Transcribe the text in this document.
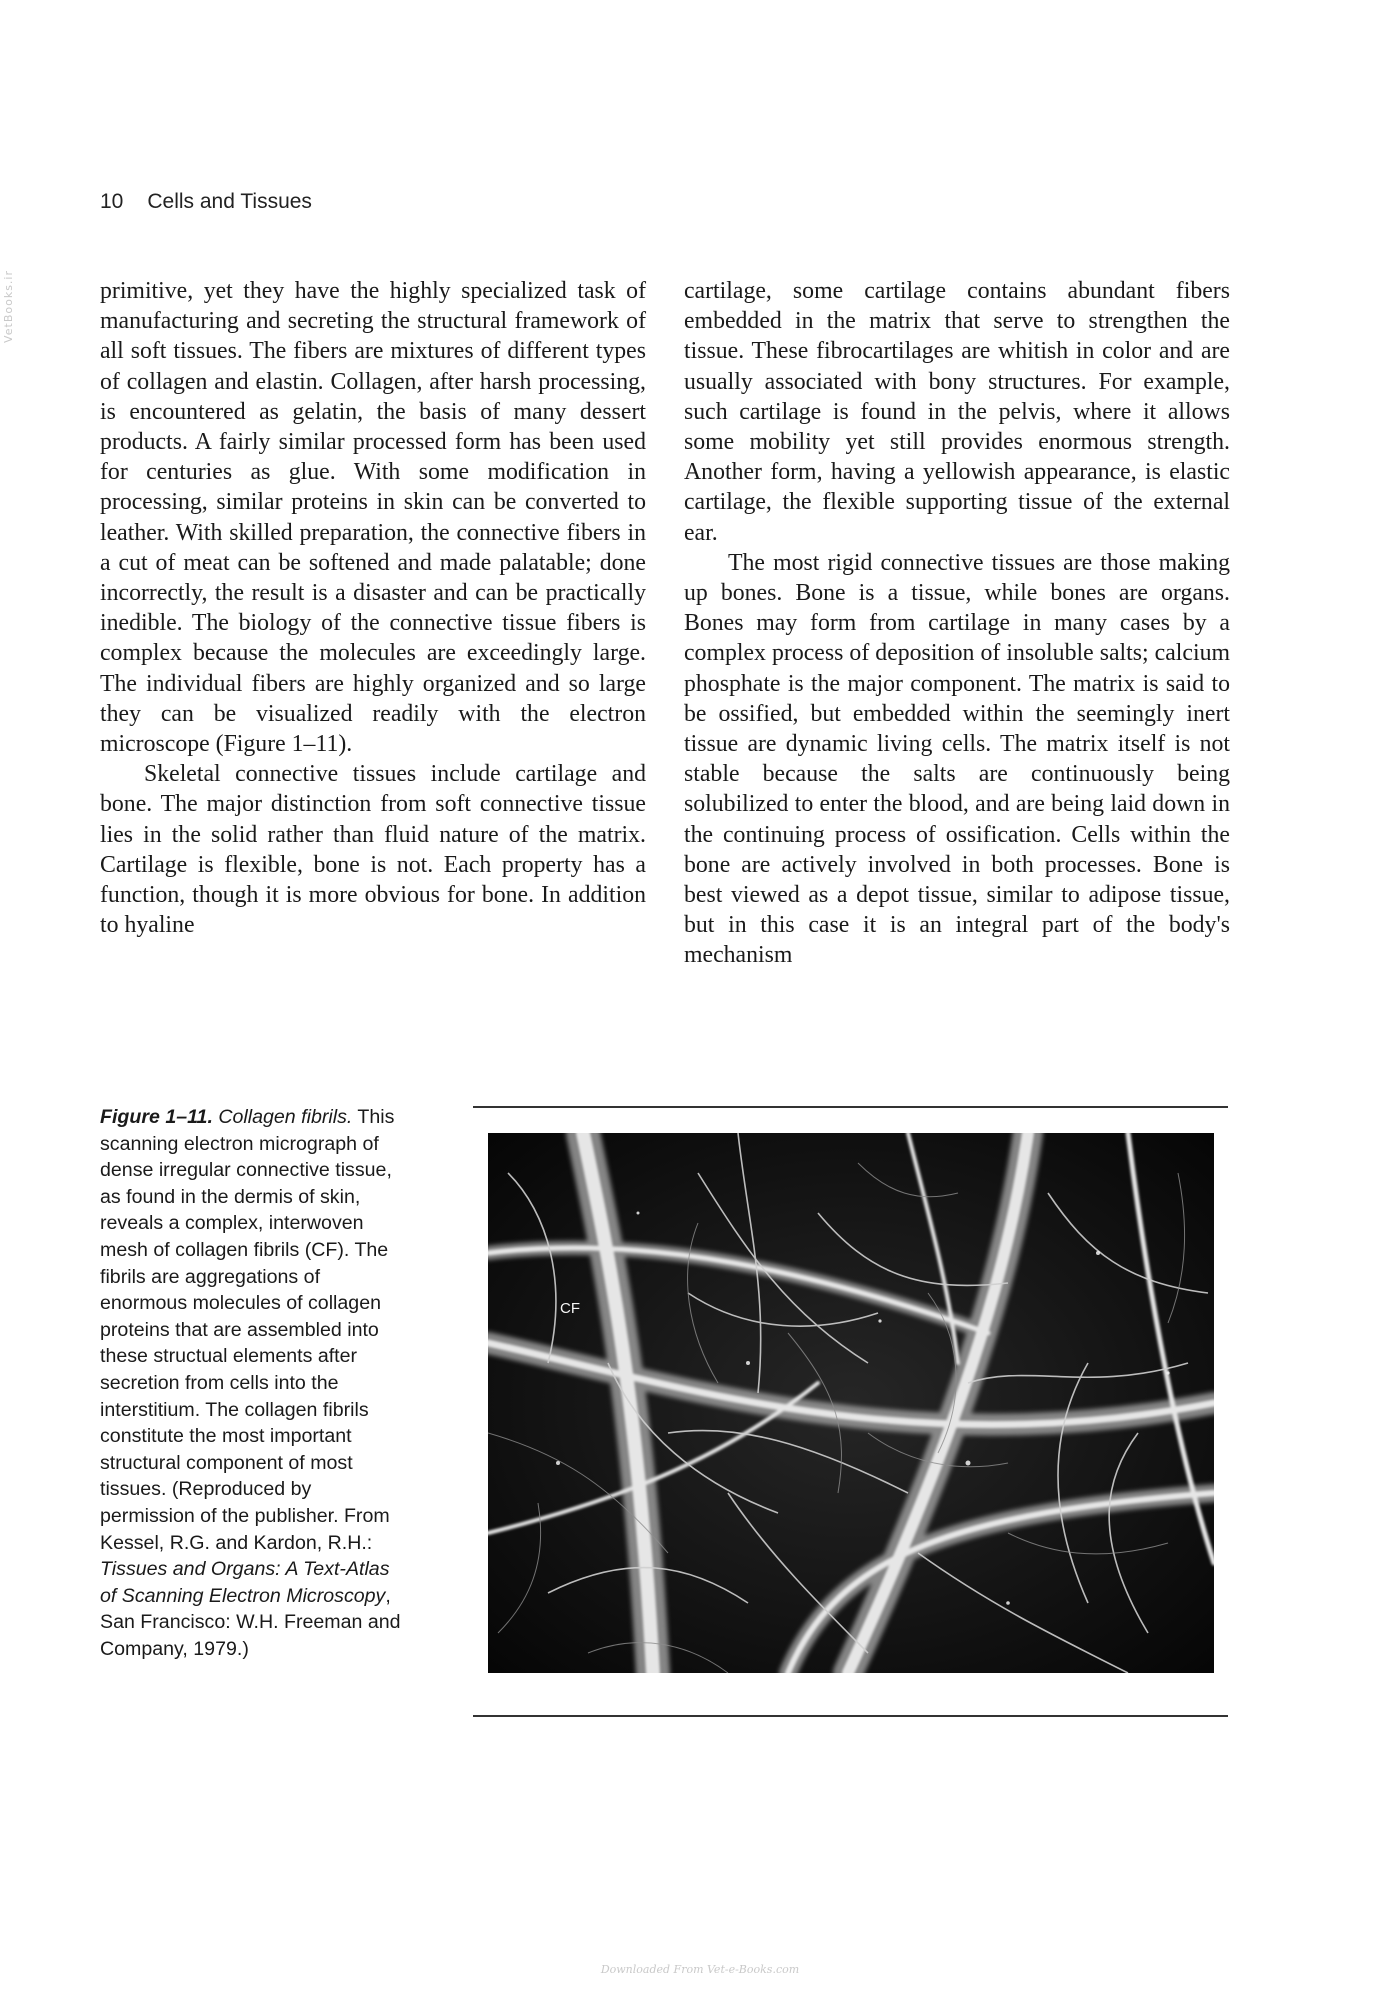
10 Cells and Tissues
VetBooks.ir	primitive, yet they have the highly specialized task of manufacturing and secreting the structural framework of all soft tissues. The fibers are mixtures of different types of collagen and elastin. Collagen, after harsh processing, is encountered as gelatin, the basis of many dessert products. A fairly similar processed form has been used for centuries as glue. With some modification in processing, similar proteins in skin can be converted to leather. With skilled preparation, the connective fibers in a cut of meat can be softened and made palatable; done incorrectly, the result is a disaster and can be practically inedible. The biology of the connective tissue fibers is complex because the molecules are exceedingly large. The individual fibers are highly organized and so large they can be visualized readily with the electron microscope (Figure 1–11).

Skeletal connective tissues include cartilage and bone. The major distinction from soft connective tissue lies in the solid rather than fluid nature of the matrix. Cartilage is flexible, bone is not. Each property has a function, though it is more obvious for bone. In addition to hyaline

cartilage, some cartilage contains abundant fibers embedded in the matrix that serve to strengthen the tissue. These fibrocartilages are whitish in color and are usually associated with bony structures. For example, such cartilage is found in the pelvis, where it allows some mobility yet still provides enormous strength. Another form, having a yellowish appearance, is elastic cartilage, the flexible supporting tissue of the external ear.

The most rigid connective tissues are those making up bones. Bone is a tissue, while bones are organs. Bones may form from cartilage in many cases by a complex process of deposition of insoluble salts; calcium phosphate is the major component. The matrix is said to be ossified, but embedded within the seemingly inert tissue are dynamic living cells. The matrix itself is not stable because the salts are continuously being solubilized to enter the blood, and are being laid down in the continuing process of ossification. Cells within the bone are actively involved in both processes. Bone is best viewed as a depot tissue, similar to adipose tissue, but in this case it is an integral part of the body's mechanism

Figure 1–11. Collagen fibrils. This scanning electron micrograph of dense irregular connective tissue, as found in the dermis of skin, reveals a complex, interwoven mesh of collagen fibrils (CF). The fibrils are aggregations of enormous molecules of collagen proteins that are assembled into these structual elements after secretion from cells into the interstitium. The collagen fibrils constitute the most important structural component of most tissues. (Reproduced by permission of the publisher. From Kessel, R.G. and Kardon, R.H.: Tissues and Organs: A Text-Atlas of Scanning Electron Microscopy, San Francisco: W.H. Freeman and Company, 1979.)
CF
Downloaded From Vet-e-Books.com
